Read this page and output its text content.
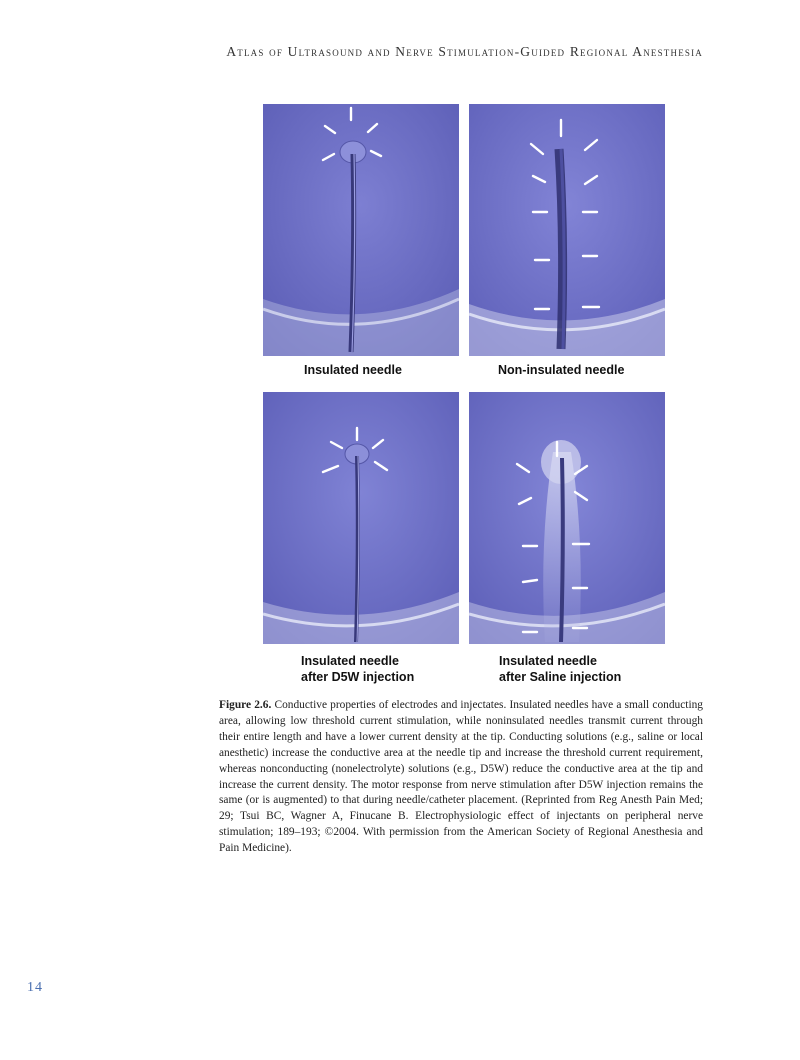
Atlas of Ultrasound and Nerve Stimulation-Guided Regional Anesthesia
Insulated needle	Non-insulated needle
Insulated needle
after D5W injection
Insulated needle
after Saline injection
Figure 2.6. Conductive properties of electrodes and injectates. Insulated needles have a small conducting area, allowing low threshold current stimulation, while noninsulated needles transmit current through their entire length and have a lower current density at the tip. Conducting solutions (e.g., saline or local anesthetic) increase the conductive area at the needle tip and increase the threshold current requirement, whereas nonconducting (nonelectrolyte) solutions (e.g., D5W) reduce the conductive area at the tip and increase the current density. The motor response from nerve stimulation after D5W injection remains the same (or is augmented) to that during needle/catheter placement. (Reprinted from Reg Anesth Pain Med; 29; Tsui BC, Wagner A, Finucane B. Electrophysiologic effect of injectants on peripheral nerve stimulation; 189–193; ©2004. With permission from the American Society of Regional Anesthesia and Pain Medicine).
14
